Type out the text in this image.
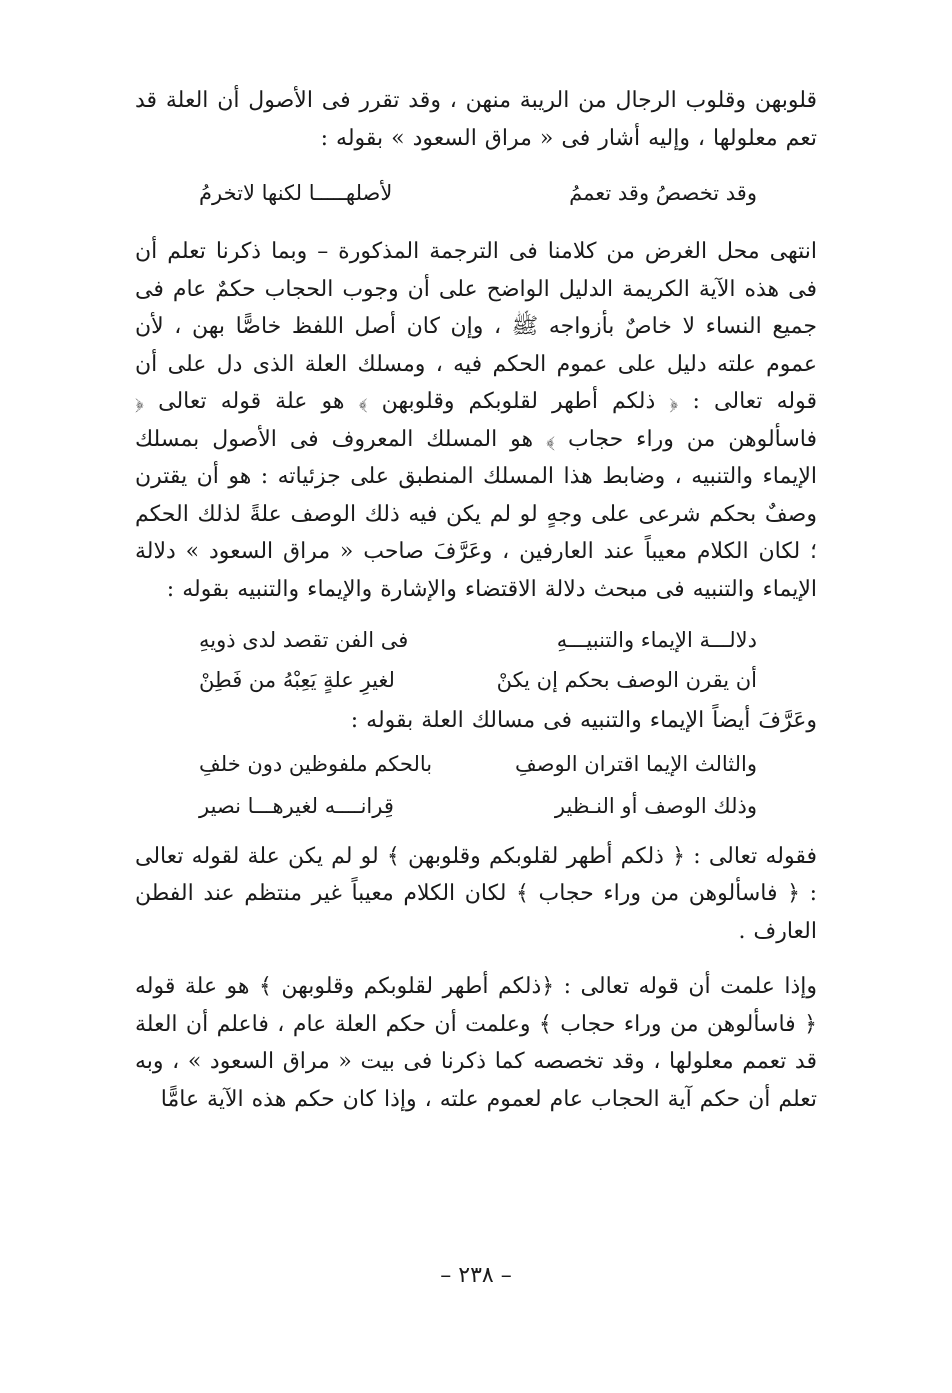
قلوبهن وقلوب الرجال من الريبة منهن ، وقد تقرر فى الأصول أن العلة قد تعم معلولها ، وإليه أشار فى « مراق السعود » بقوله :

وقد تخصصُ وقد تعممُ
لأصلهـــــا لكنها لاتخرمُ

انتهى محل الغرض من كلامنا فى الترجمة المذكورة – وبما ذكرنا تعلم أن فى هذه الآية الكريمة الدليل الواضح على أن وجوب الحجاب حكمٌ عام فى جميع النساء لا خاصٌ بأزواجه ﷺ ، وإن كان أصل اللفظ خاصًّا بهن ، لأن عموم علته دليل على عموم الحكم فيه ، ومسلك العلة الذى دل على أن قوله تعالى : ﴿ ذلكم أطهر لقلوبكم وقلوبهن ﴾ هو علة قوله تعالى ﴿ فاسألوهن من وراء حجاب ﴾ هو المسلك المعروف فى الأصول بمسلك الإيماء والتنبيه ، وضابط هذا المسلك المنطبق على جزئياته : هو أن يقترن وصفٌ بحكم شرعى على وجهٍ لو لم يكن فيه ذلك الوصف علةً لذلك الحكم ؛ لكان الكلام معيباً عند العارفين ، وعَرَّفَ صاحب « مراق السعود » دلالة الإيماء والتنبيه فى مبحث دلالة الاقتضاء والإشارة والإيماء والتنبيه بقوله :

دلالـــة الإيماء والتنبيـــهِ
فى الفن تقصد لدى ذويهِ
أن يقرن الوصف بحكم إن يكنْ
لغيرِ علةٍ يَعِبْهُ من فَطِنْ

وعَرَّفَ أيضاً الإيماء والتنبيه فى مسالك العلة بقوله :

والثالث الإيما اقتران الوصفِ
بالحكم ملفوظين دون خلفِ
وذلك الوصف أو النـظير
قِرانــــه لغيرهـــا نصير

فقوله تعالى : ﴿ ذلكم أطهر لقلوبكم وقلوبهن ﴾ لو لم يكن علة لقوله تعالى : ﴿ فاسألوهن من وراء حجاب ﴾ لكان الكلام معيباً غير منتظم عند الفطن العارف .

وإذا علمت أن قوله تعالى : ﴿ذلكم أطهر لقلوبكم وقلوبهن ﴾ هو علة قوله ﴿ فاسألوهن من وراء حجاب ﴾ وعلمت أن حكم العلة عام ، فاعلم أن العلة قد تعمم معلولها ، وقد تخصصه كما ذكرنا فى بيت « مراق السعود » ، وبه تعلم أن حكم آية الحجاب عام لعموم علته ، وإذا كان حكم هذه الآية عامًّا

– ٢٣٨ –
